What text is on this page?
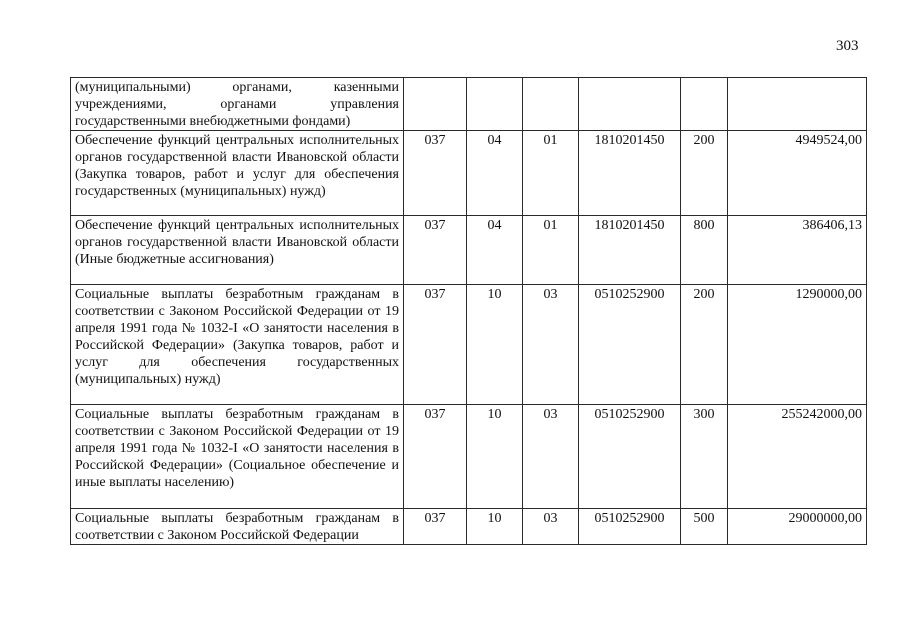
303
(муниципальными) органами, казенными учреждениями, органами управления государственными внебюджетными фондами)						
Обеспечение функций центральных исполнительных органов государственной власти Ивановской области (Закупка товаров, работ и услуг для обеспечения государственных (муниципальных) нужд)	037	04	01	1810201450	200	4949524,00
Обеспечение функций центральных исполнительных органов государственной власти Ивановской области (Иные бюджетные ассигнования)	037	04	01	1810201450	800	386406,13
Социальные выплаты безработным гражданам в соответствии с Законом Российской Федерации от 19 апреля 1991 года № 1032-I «О занятости населения в Российской Федерации» (Закупка товаров, работ и услуг для обеспечения государственных (муниципальных) нужд)	037	10	03	0510252900	200	1290000,00
Социальные выплаты безработным гражданам в соответствии с Законом Российской Федерации от 19 апреля 1991 года № 1032-I «О занятости населения в Российской Федерации» (Социальное обеспечение и иные выплаты населению)	037	10	03	0510252900	300	255242000,00
Социальные выплаты безработным гражданам в соответствии с Законом Российской Федерации	037	10	03	0510252900	500	29000000,00
